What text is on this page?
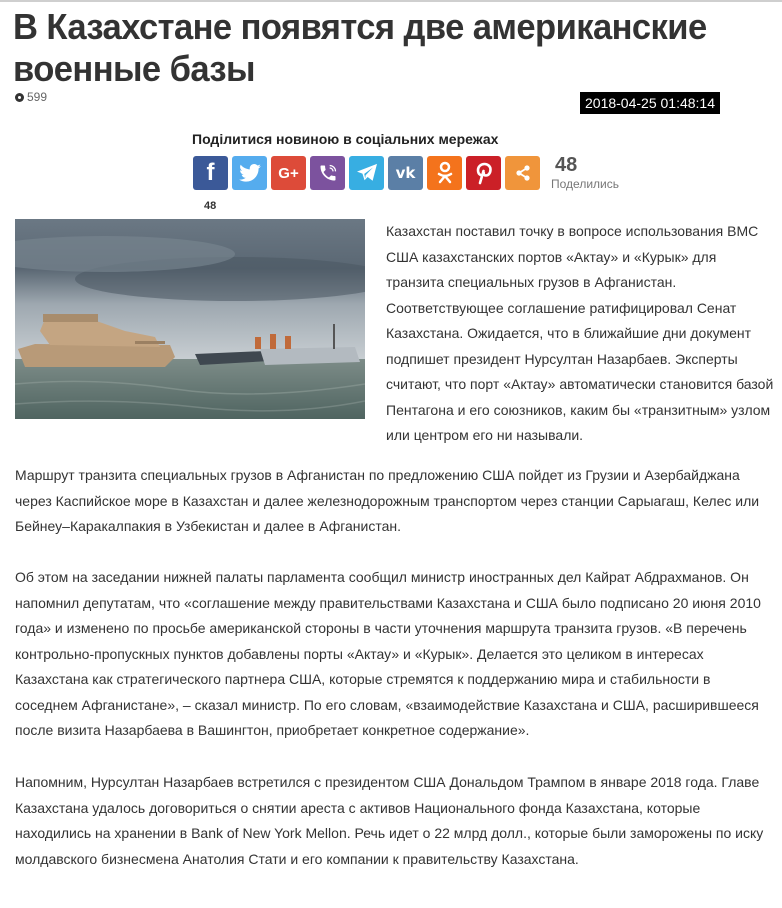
В Казахстане появятся две американские военные базы
599	2018-04-25 01:48:14
Поділитися новиною в соціальних мережах
f	G+	vk	48
Поделились
48
Казахстан поставил точку в вопросе использования ВМС США казахстанских портов «Актау» и «Курык» для транзита специальных грузов в Афганистан. Соответствующее соглашение ратифицировал Сенат Казахстана. Ожидается, что в ближайшие дни документ подпишет президент Нурсултан Назарбаев. Эксперты считают, что порт «Актау» автоматически становится базой Пентагона и его союзников, каким бы «транзитным» узлом или центром его ни называли.

Маршрут транзита специальных грузов в Афганистан по предложению США пойдет из Грузии и Азербайджана через Каспийское море в Казахстан и далее железнодорожным транспортом через станции Сарыагаш, Келес или Бейнеу–Каракалпакия в Узбекистан и далее в Афганистан.

Об этом на заседании нижней палаты парламента сообщил министр иностранных дел Кайрат Абдрахманов. Он напомнил депутатам, что «соглашение между правительствами Казахстана и США было подписано 20 июня 2010 года» и изменено по просьбе американской стороны в части уточнения маршрута транзита грузов. «В перечень контрольно-пропускных пунктов добавлены порты «Актау» и «Курык». Делается это целиком в интересах Казахстана как стратегического партнера США, которые стремятся к поддержанию мира и стабильности в соседнем Афганистане», – сказал министр. По его словам, «взаимодействие Казахстана и США, расширившееся после визита Назарбаева в Вашингтон, приобретает конкретное содержание».

Напомним, Нурсултан Назарбаев встретился с президентом США Дональдом Трампом в январе 2018 года. Главе Казахстана удалось договориться о снятии ареста с активов Национального фонда Казахстана, которые находились на хранении в Bank of New York Mellon. Речь идет о 22 млрд долл., которые были заморожены по иску молдавского бизнесмена Анатолия Стати и его компании к правительству Казахстана.
